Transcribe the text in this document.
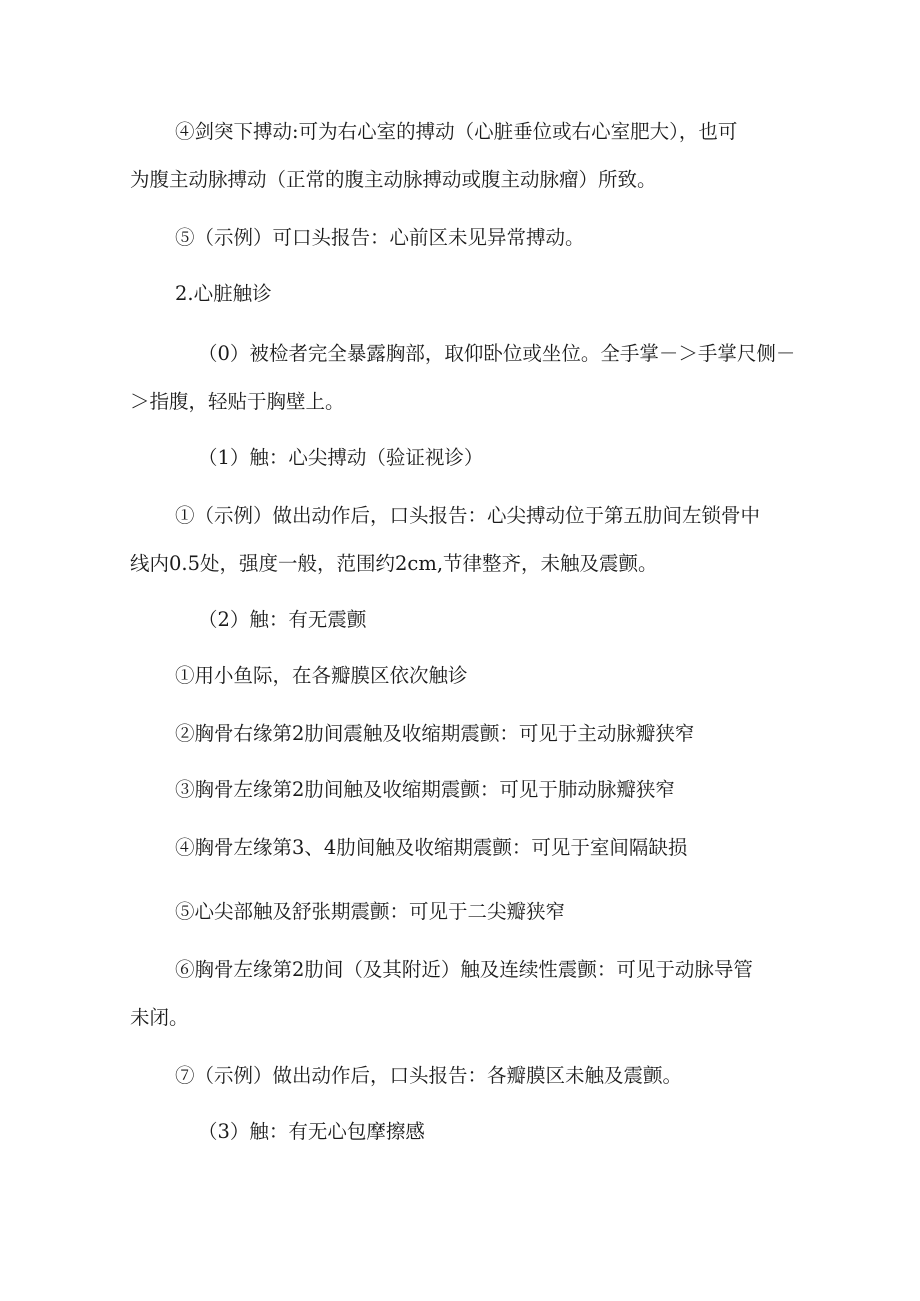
④剑突下搏动:可为右心室的搏动（心脏垂位或右心室肥大），也可

为腹主动脉搏动（正常的腹主动脉搏动或腹主动脉瘤）所致。

⑤（示例）可口头报告：心前区未见异常搏动。

2.心脏触诊

（0）被检者完全暴露胸部，取仰卧位或坐位。全手掌－＞手掌尺侧－

＞指腹，轻贴于胸壁上。

（1）触：心尖搏动（验证视诊）

①（示例）做出动作后，口头报告：心尖搏动位于第五肋间左锁骨中

线内0.5处，强度一般，范围约2cm,节律整齐，未触及震颤。

（2）触：有无震颤

①用小鱼际，在各瓣膜区依次触诊

②胸骨右缘第2肋间震触及收缩期震颤：可见于主动脉瓣狭窄

③胸骨左缘第2肋间触及收缩期震颤：可见于肺动脉瓣狭窄

④胸骨左缘第3、4肋间触及收缩期震颤：可见于室间隔缺损

⑤心尖部触及舒张期震颤：可见于二尖瓣狭窄

⑥胸骨左缘第2肋间（及其附近）触及连续性震颤：可见于动脉导管

未闭。

⑦（示例）做出动作后，口头报告：各瓣膜区未触及震颤。

（3）触：有无心包摩擦感
